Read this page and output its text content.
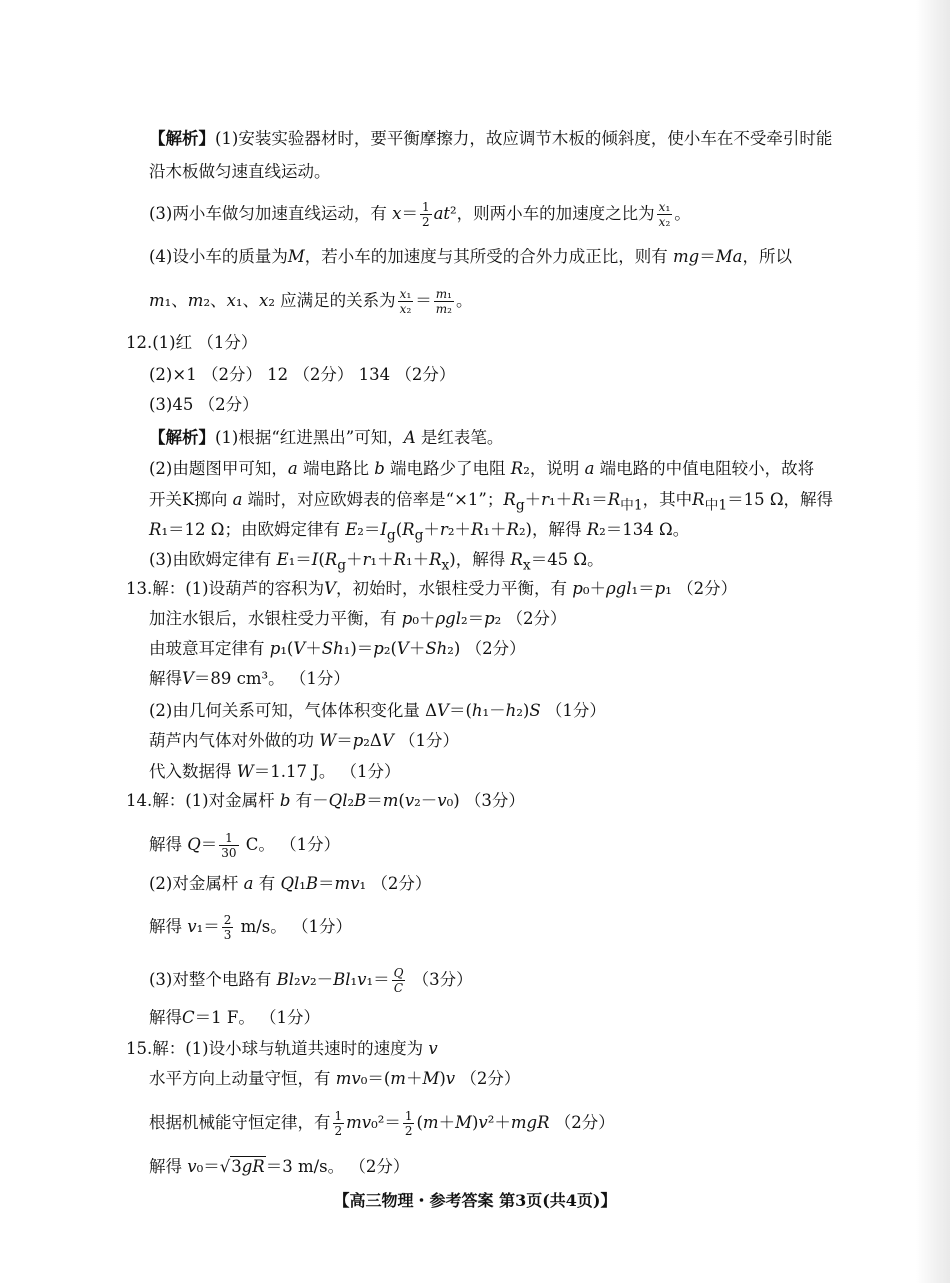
【解析】(1)安装实验器材时，要平衡摩擦力，故应调节木板的倾斜度，使小车在不受牵引时能
沿木板做匀速直线运动。
(3)两小车做匀加速直线运动，有 $x= \frac{1}{2} at^2$，则两小车的加速度之比为 $\frac{\text{x₁}}{\text{x₂}}$ 。
(4)设小车的质量为M，若小车的加速度与其所受的合外力成正比，则有 mg＝Ma，所以
m₁、m₂、x₁、x₂ 应满足的关系为 $\frac{\text{x₁}}{\text{x₂}} = \frac{\text{m₁}}{\text{m₂}}$ 。
12.(1)红 （1分）
(2)×1 （2分） 12 （2分） 134 （2分）
(3)45 （2分）
【解析】(1)根据“红进黑出”可知，A 是红表笔。
(2)由题图甲可知，a 端电路比 b 端电路少了电阻 R₂，说明 a 端电路的中值电阻较小，故将
开关K掷向 a 端时，对应欧姆表的倍率是“×1”；$R_g+r_1+R_1=R_{中1}$，其中$R_{中1}=15$ Ω，解得
R₁＝12 Ω；由欧姆定律有 $E_2=I_g(R_g+r_2+R_1+R_2)$，解得 R₂＝134 Ω。
(3)由欧姆定律有 $E_1=I(R_g+r_1+R_1+R_x)$，解得 $R_x=45$ Ω。
13.解：(1)设葫芦的容积为V，初始时，水银柱受力平衡，有 p₀＋ρgl₁＝p₁ （2分）
加注水银后，水银柱受力平衡，有 p₀＋ρgl₂＝p₂ （2分）
由玻意耳定律有 p₁(V＋Sh₁)＝p₂(V＋Sh₂) （2分）
解得V＝89 cm³。 （1分）
(2)由几何关系可知，气体体积变化量 ΔV＝(h₁－h₂)S （1分）
葫芦内气体对外做的功 W＝p₂ΔV （1分）
代入数据得 W＝1.17 J。 （1分）
14.解：(1)对金属杆 b 有－Ql₂B＝m(v₂－v₀) （3分）
解得 $Q= \frac{1}{30}$ C。 （1分）
(2)对金属杆 a 有 Ql₁B＝mv₁ （2分）
解得 $v_1= \frac{2}{3} m/s$。 （1分）
(3)对整个电路有 $Bl_2v_2-Bl_1v_1= \frac{Q}{C} (3$分）
解得C＝1 F。 （1分）
15.解：(1)设小球与轨道共速时的速度为 v
水平方向上动量守恒，有 mv₀＝(m＋M)v （2分）
根据机械能守恒定律，有 $\frac{1}{2} mv_0^2= \frac{1}{2} (m+M)v^2+mgR$ （2分）
解得 v₀＝√3gR＝3 m/s。 （2分）
【高三物理・参考答案 第3页(共4页)】
